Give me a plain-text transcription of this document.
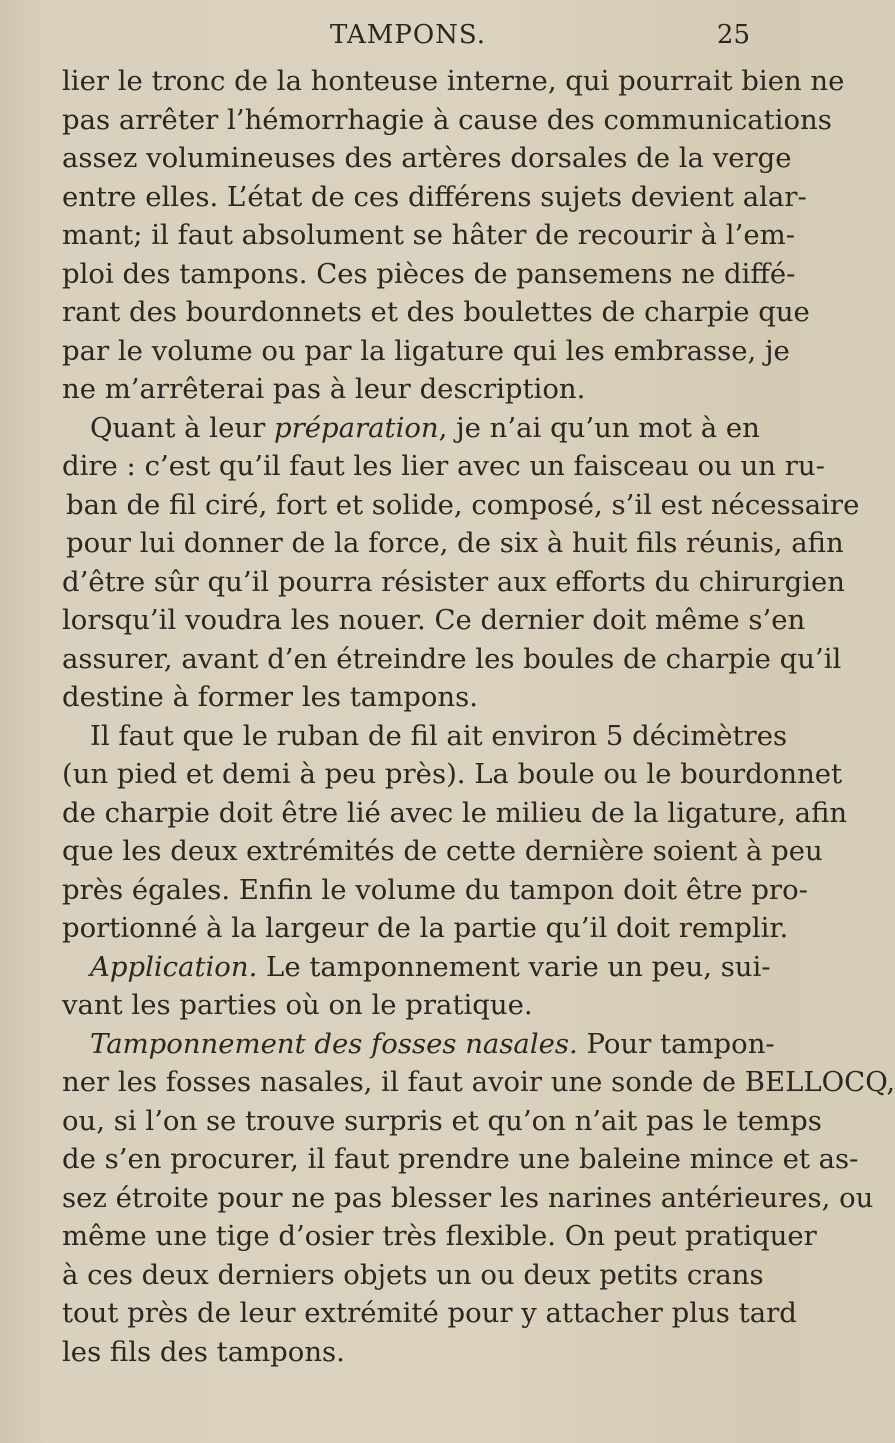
TAMPONS.	25
lier le tronc de la honteuse interne, qui pourrait bien ne
pas arrêter l’hémorrhagie à cause des communications
assez volumineuses des artères dorsales de la verge
entre elles. L’état de ces différens sujets devient alar-
mant; il faut absolument se hâter de recourir à l’em-
ploi des tampons. Ces pièces de pansemens ne diffé-
rant des bourdonnets et des boulettes de charpie que
par le volume ou par la ligature qui les embrasse, je
ne m’arrêterai pas à leur description.
Quant à leur préparation, je n’ai qu’un mot à en
dire : c’est qu’il faut les lier avec un faisceau ou un ru-
ban de fil ciré, fort et solide, composé, s’il est nécessaire
pour lui donner de la force, de six à huit fils réunis, afin
d’être sûr qu’il pourra résister aux efforts du chirurgien
lorsqu’il voudra les nouer. Ce dernier doit même s’en
assurer, avant d’en étreindre les boules de charpie qu’il
destine à former les tampons.
Il faut que le ruban de fil ait environ 5 décimètres
(un pied et demi à peu près). La boule ou le bourdonnet
de charpie doit être lié avec le milieu de la ligature, afin
que les deux extrémités de cette dernière soient à peu
près égales. Enfin le volume du tampon doit être pro-
portionné à la largeur de la partie qu’il doit remplir.
Application. Le tamponnement varie un peu, sui-
vant les parties où on le pratique.
Tamponnement des fosses nasales. Pour tampon-
ner les fosses nasales, il faut avoir une sonde de BELLOCQ,
ou, si l’on se trouve surpris et qu’on n’ait pas le temps
de s’en procurer, il faut prendre une baleine mince et as-
sez étroite pour ne pas blesser les narines antérieures, ou
même une tige d’osier très flexible. On peut pratiquer
à ces deux derniers objets un ou deux petits crans
tout près de leur extrémité pour y attacher plus tard
les fils des tampons.
